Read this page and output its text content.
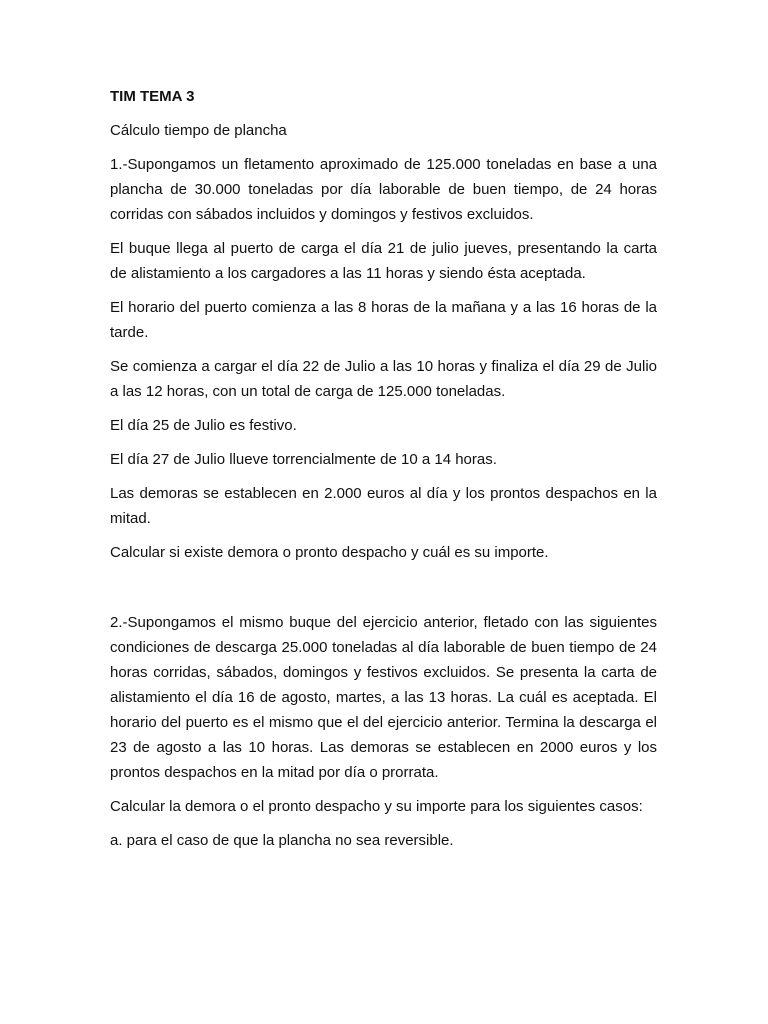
TIM TEMA 3

Cálculo tiempo de plancha

1.-Supongamos un fletamento aproximado de 125.000 toneladas en base a una plancha de 30.000 toneladas por día laborable de buen tiempo, de 24 horas corridas con sábados incluidos y domingos y festivos excluidos.

El buque llega al puerto de carga el día 21 de julio jueves, presentando la carta de alistamiento a los cargadores a las 11 horas y siendo ésta aceptada.

El horario del puerto comienza a las 8 horas de la mañana y a las 16 horas de la tarde.

Se comienza a cargar el día 22 de Julio a las 10 horas y finaliza el día 29 de Julio a las 12 horas, con un total de carga de 125.000 toneladas.

El día 25 de Julio es festivo.

El día 27 de Julio llueve torrencialmente de 10 a 14 horas.

Las demoras se establecen en 2.000 euros al día y los prontos despachos en la mitad.

Calcular si existe demora o pronto despacho y cuál es su importe.

2.-Supongamos el mismo buque del ejercicio anterior, fletado con las siguientes condiciones de descarga 25.000 toneladas al día laborable de buen tiempo de 24 horas corridas, sábados, domingos y festivos excluidos. Se presenta la carta de alistamiento el día 16 de agosto, martes, a las 13 horas. La cuál es aceptada. El horario del puerto es el mismo que el del ejercicio anterior. Termina la descarga el 23 de agosto a las 10 horas. Las demoras se establecen en 2000 euros y los prontos despachos en la mitad por día o prorrata.

Calcular la demora o el pronto despacho y su importe para los siguientes casos:

a. para el caso de que la plancha no sea reversible.
